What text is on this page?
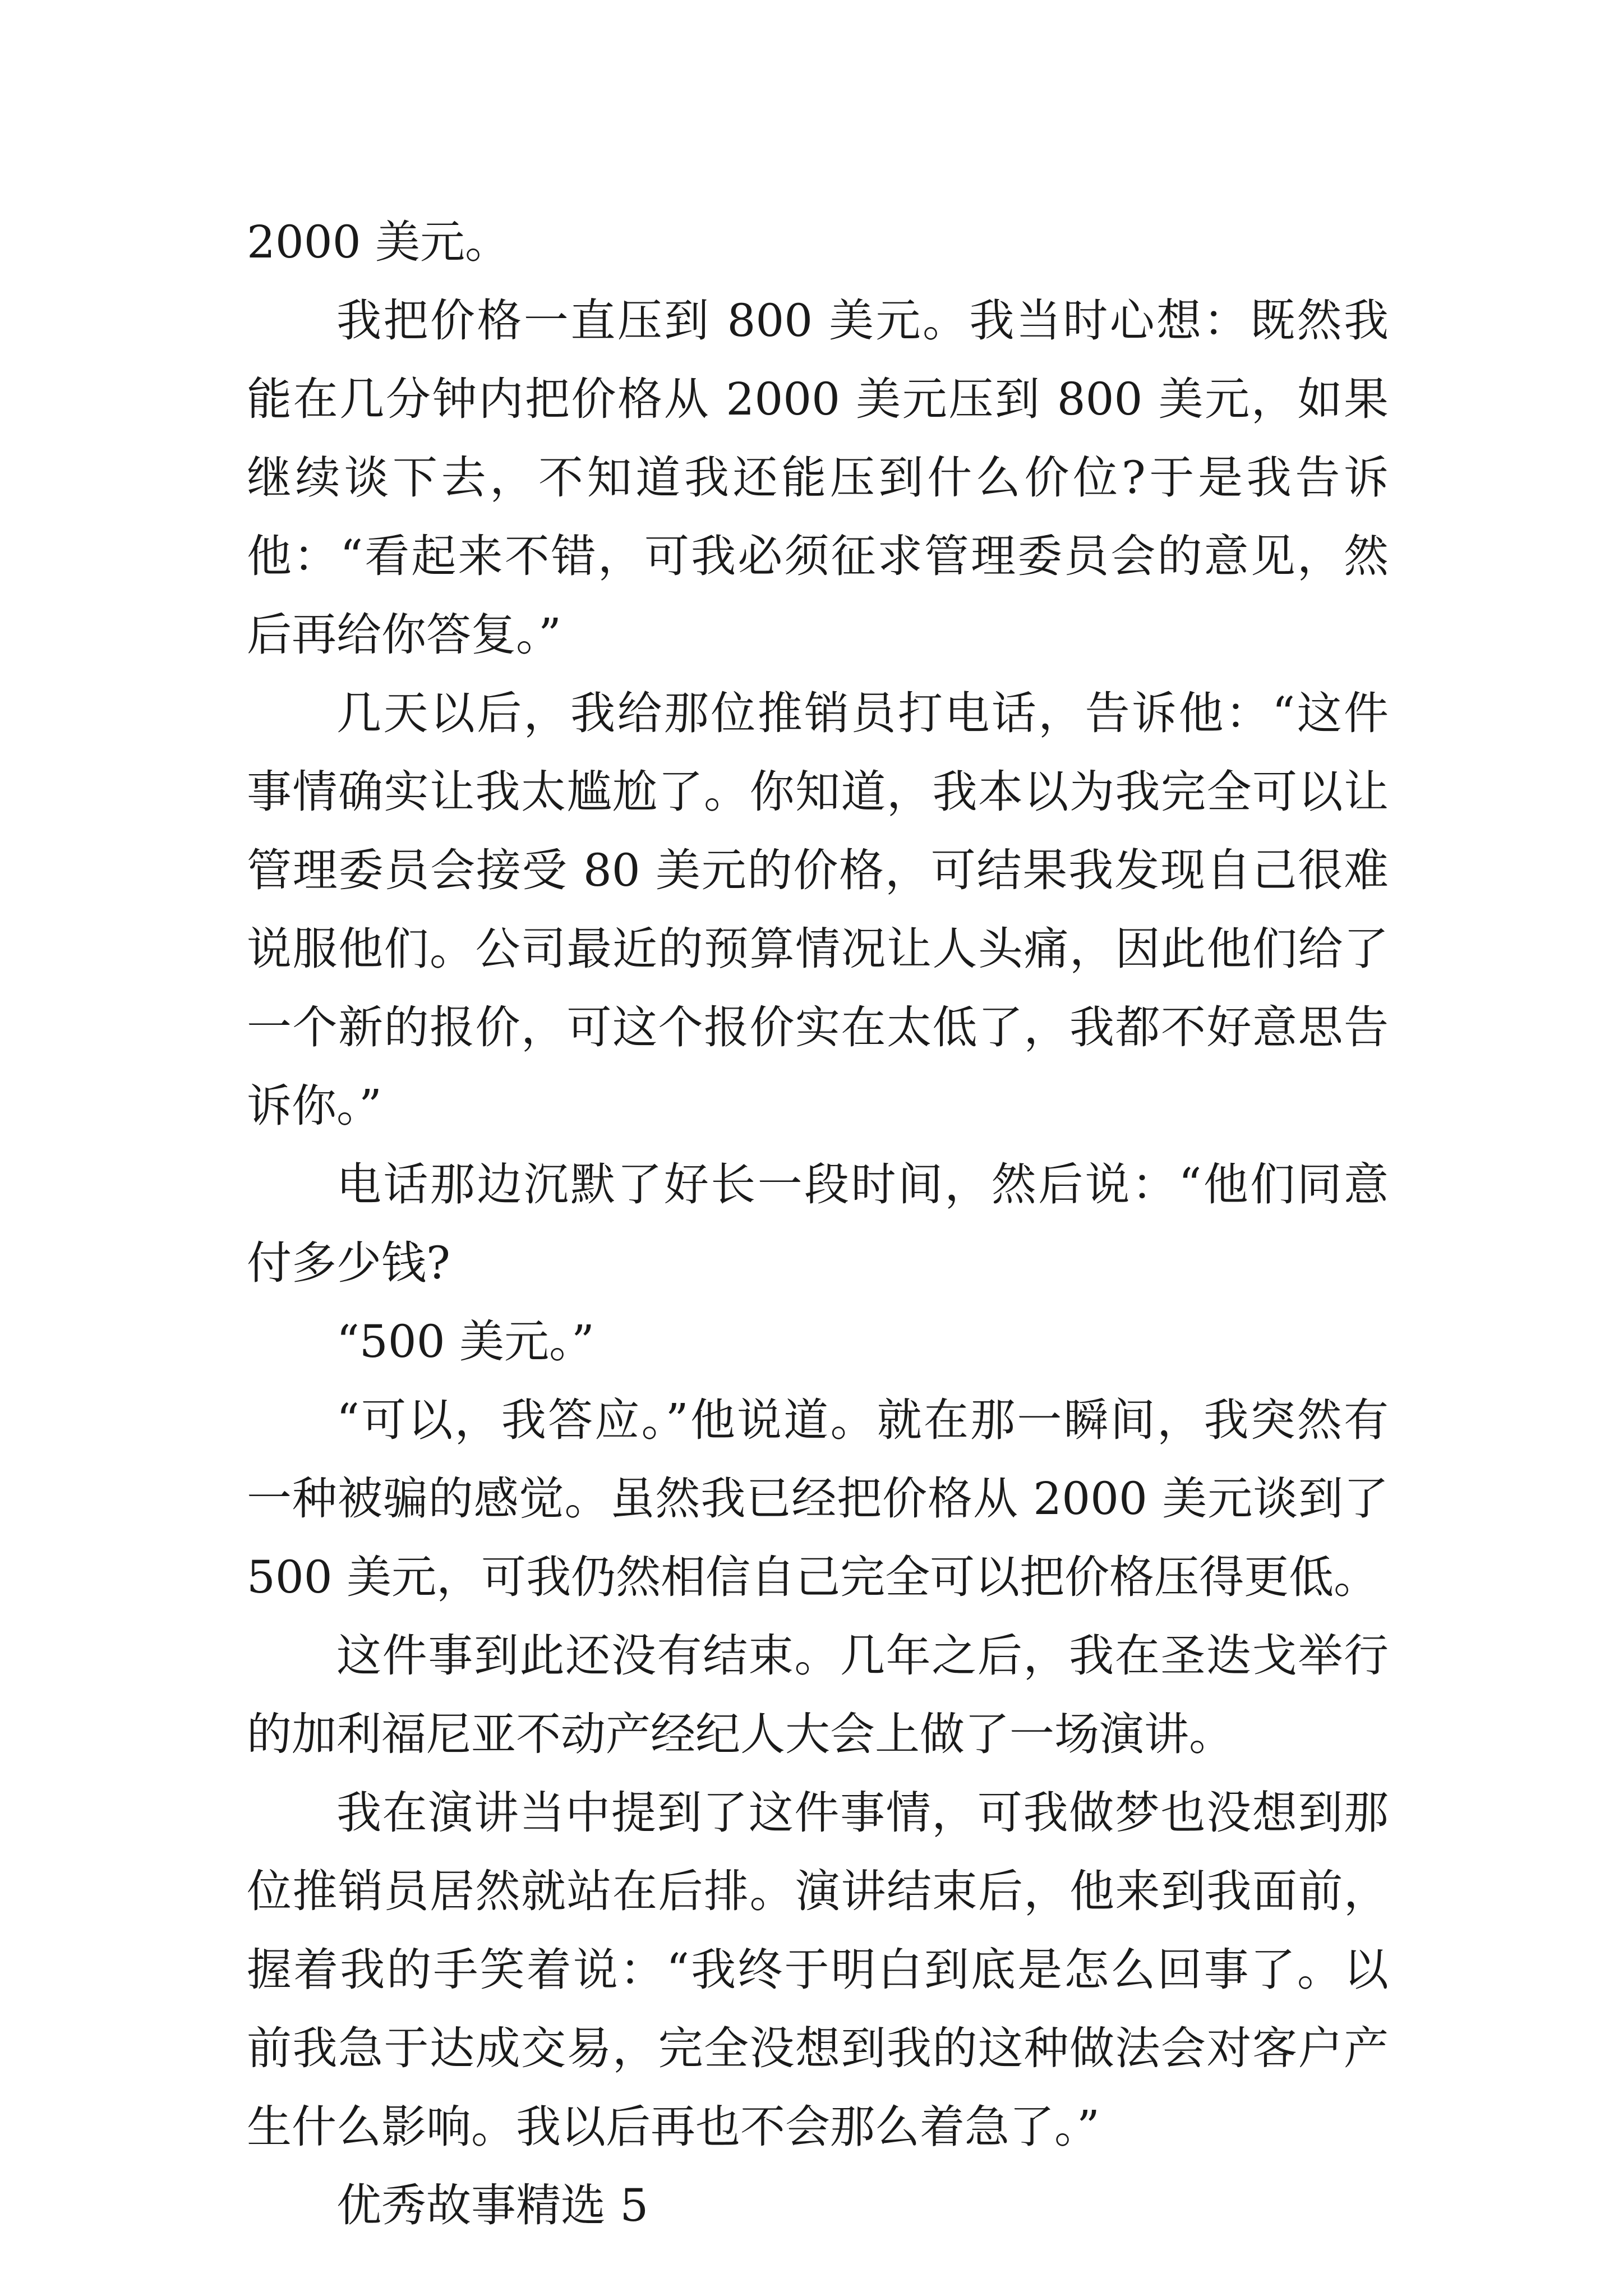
2000 美元。

我把价格一直压到 800 美元。我当时心想：既然我能在几分钟内把价格从 2000 美元压到 800 美元，如果继续谈下去，不知道我还能压到什么价位?于是我告诉他：“看起来不错，可我必须征求管理委员会的意见，然后再给你答复。”

几天以后，我给那位推销员打电话，告诉他：“这件事情确实让我太尴尬了。你知道，我本以为我完全可以让管理委员会接受 80 美元的价格，可结果我发现自己很难说服他们。公司最近的预算情况让人头痛，因此他们给了一个新的报价，可这个报价实在太低了，我都不好意思告诉你。”

电话那边沉默了好长一段时间，然后说：“他们同意付多少钱?

“500 美元。”

“可以，我答应。”他说道。就在那一瞬间，我突然有一种被骗的感觉。虽然我已经把价格从 2000 美元谈到了 500 美元，可我仍然相信自己完全可以把价格压得更低。

这件事到此还没有结束。几年之后，我在圣迭戈举行的加利福尼亚不动产经纪人大会上做了一场演讲。

我在演讲当中提到了这件事情，可我做梦也没想到那位推销员居然就站在后排。演讲结束后，他来到我面前，握着我的手笑着说：“我终于明白到底是怎么回事了。以前我急于达成交易，完全没想到我的这种做法会对客户产生什么影响。我以后再也不会那么着急了。”

优秀故事精选 5
